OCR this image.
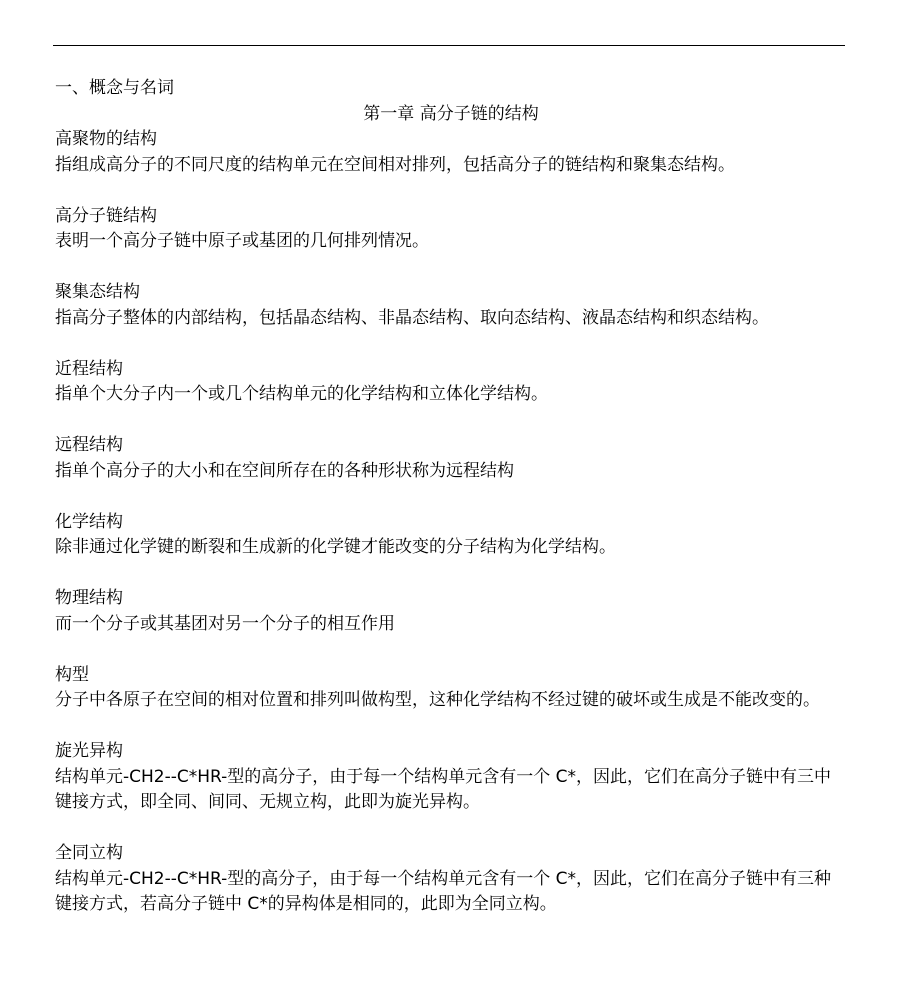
一、概念与名词
第一章 高分子链的结构
高聚物的结构
指组成高分子的不同尺度的结构单元在空间相对排列，包括高分子的链结构和聚集态结构。
高分子链结构
表明一个高分子链中原子或基团的几何排列情况。
聚集态结构
指高分子整体的内部结构，包括晶态结构、非晶态结构、取向态结构、液晶态结构和织态结构。
近程结构
指单个大分子内一个或几个结构单元的化学结构和立体化学结构。
远程结构
指单个高分子的大小和在空间所存在的各种形状称为远程结构
化学结构
除非通过化学键的断裂和生成新的化学键才能改变的分子结构为化学结构。
物理结构
而一个分子或其基团对另一个分子的相互作用
构型
分子中各原子在空间的相对位置和排列叫做构型，这种化学结构不经过键的破坏或生成是不能改变的。
旋光异构
结构单元-CH2--C*HR-型的高分子，由于每一个结构单元含有一个 C*，因此，它们在高分子链中有三中键接方式，即全同、间同、无规立构，此即为旋光异构。
全同立构
结构单元-CH2--C*HR-型的高分子，由于每一个结构单元含有一个 C*，因此，它们在高分子链中有三种键接方式，若高分子链中 C*的异构体是相同的，此即为全同立构。
